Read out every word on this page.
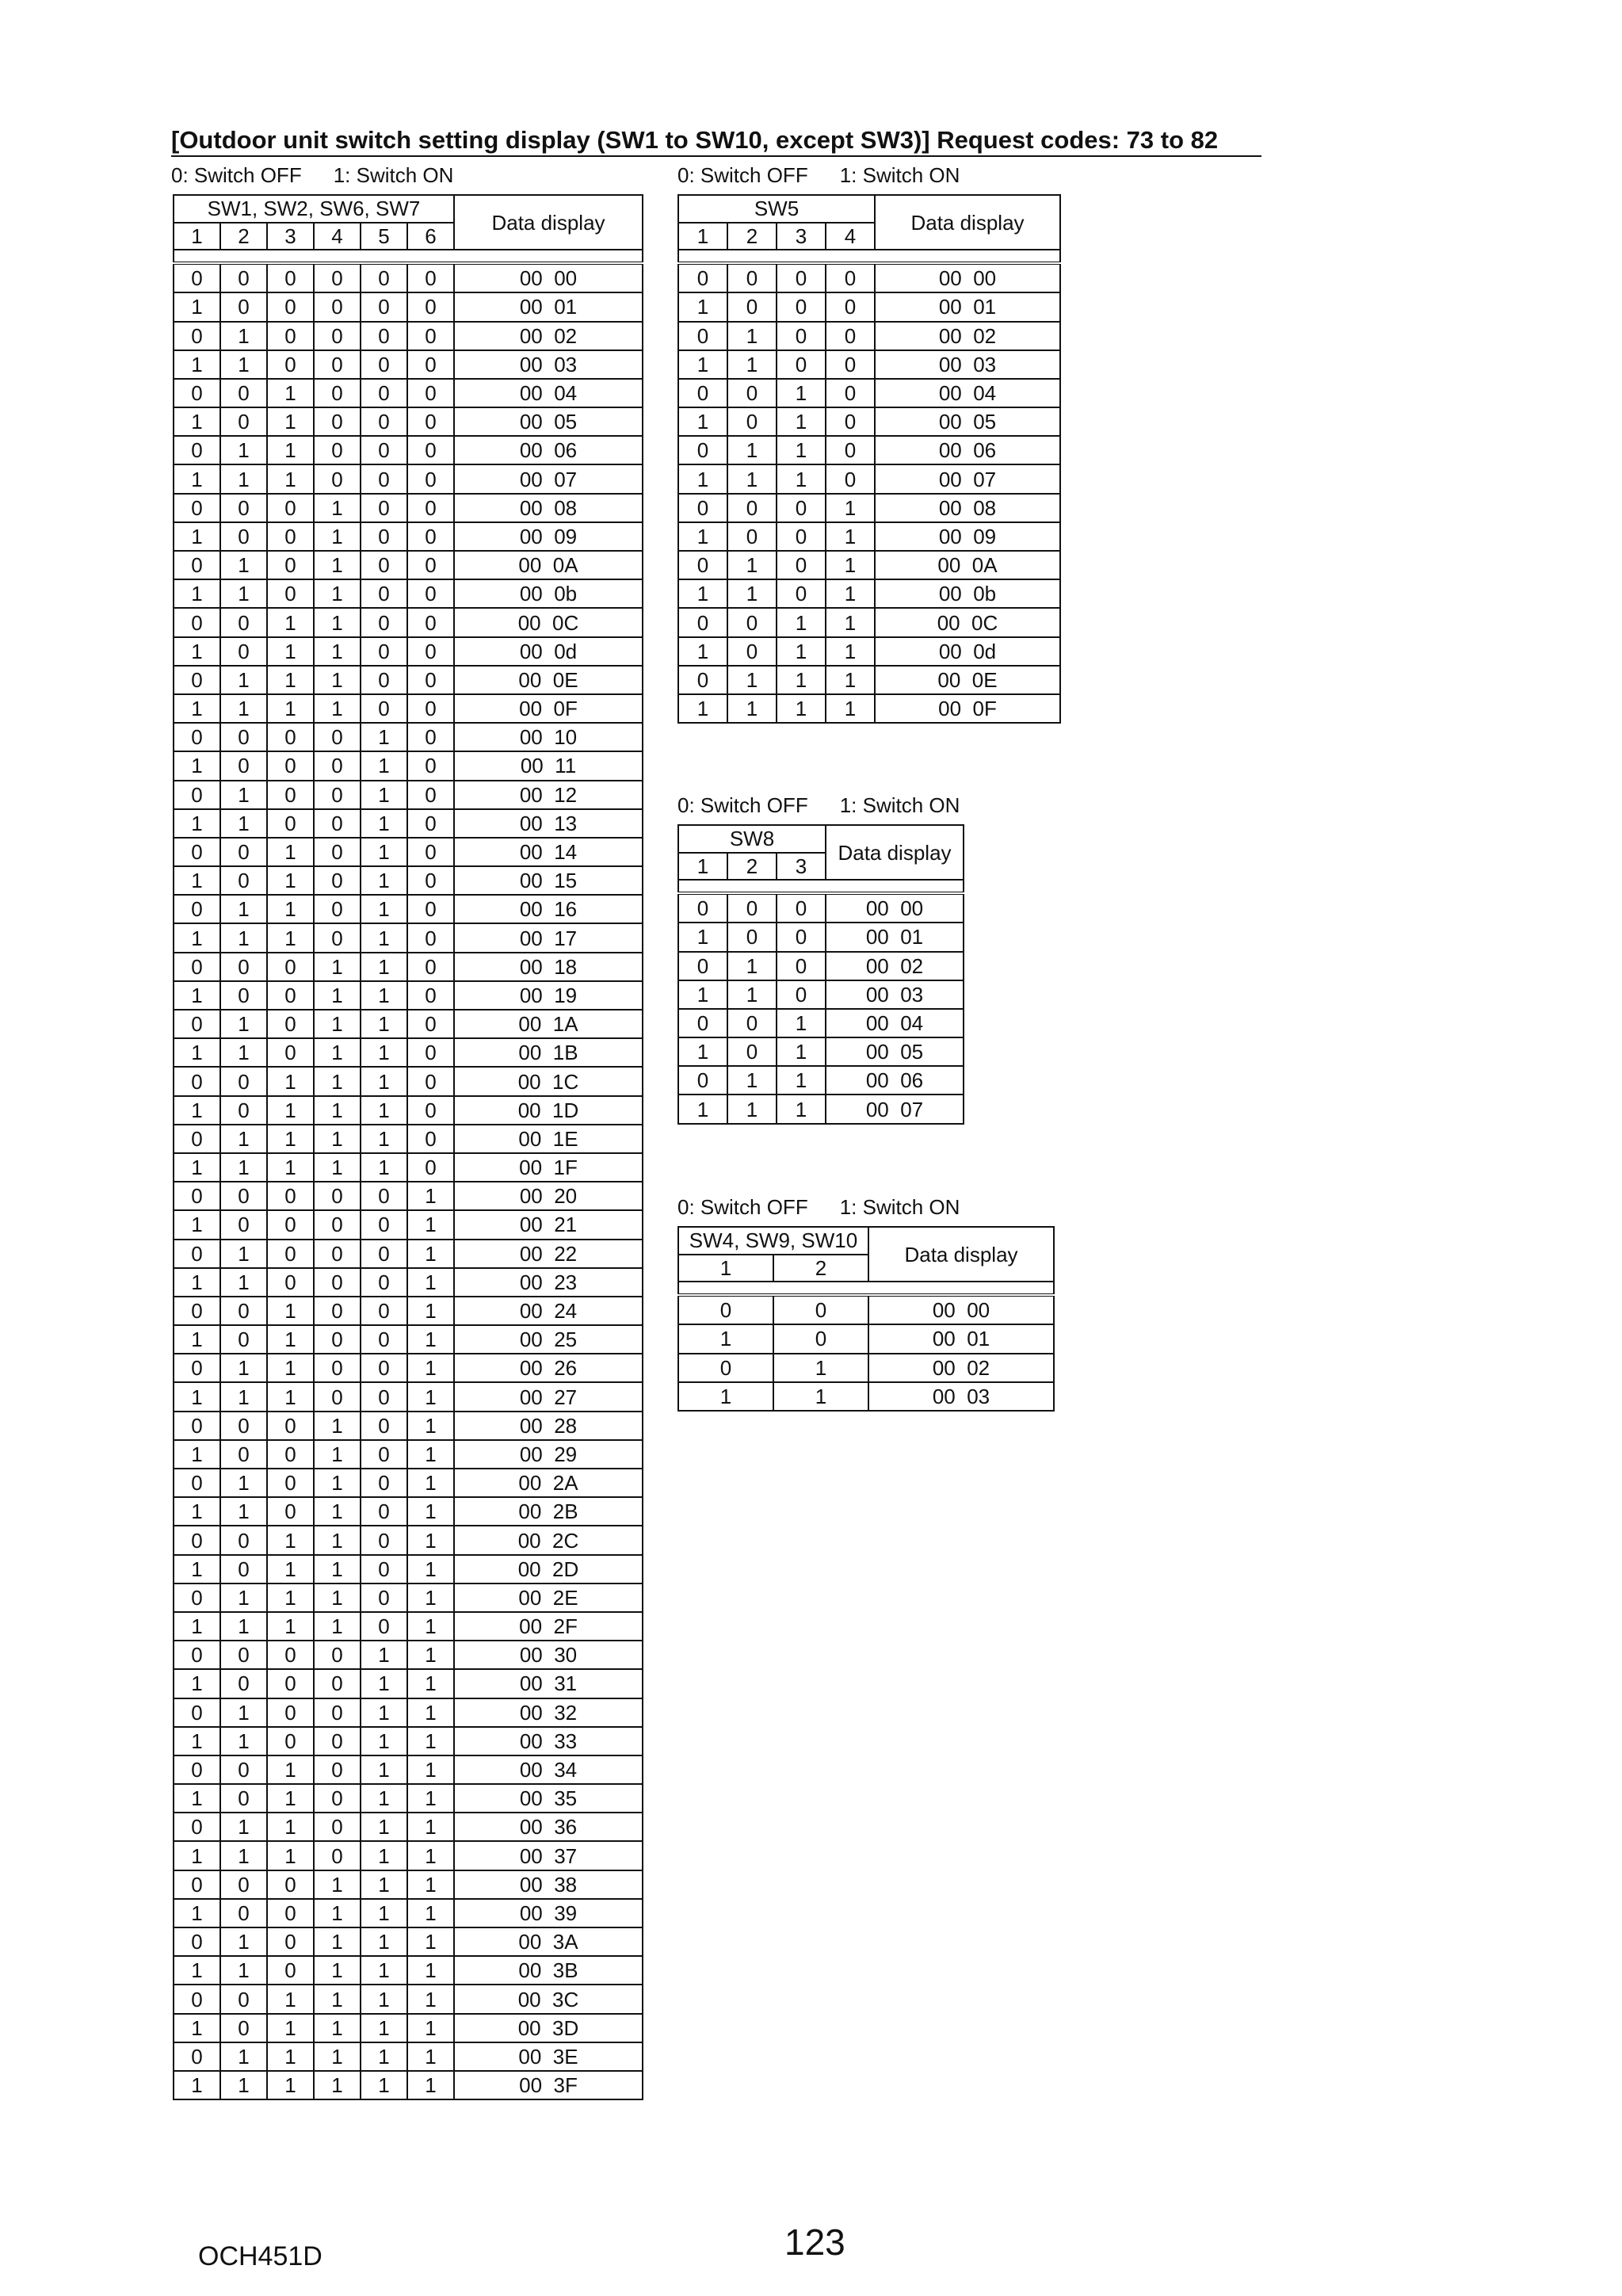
[Outdoor unit switch setting display (SW1 to SW10, except SW3)] Request codes: 73 to 82
0: Switch OFF 1: Switch ON	0: Switch OFF 1: Switch ON
0: Switch OFF 1: Switch ON
0: Switch OFF 1: Switch ON
SW1, SW2, SW6, SW7						Data display
1	2	3	4	5	6	

0	0	0	0	0	0	00  00
1	0	0	0	0	0	00  01
0	1	0	0	0	0	00  02
1	1	0	0	0	0	00  03
0	0	1	0	0	0	00  04
1	0	1	0	0	0	00  05
0	1	1	0	0	0	00  06
1	1	1	0	0	0	00  07
0	0	0	1	0	0	00  08
1	0	0	1	0	0	00  09
0	1	0	1	0	0	00  0A
1	1	0	1	0	0	00  0b
0	0	1	1	0	0	00  0C
1	0	1	1	0	0	00  0d
0	1	1	1	0	0	00  0E
1	1	1	1	0	0	00  0F
0	0	0	0	1	0	00  10
1	0	0	0	1	0	00  11
0	1	0	0	1	0	00  12
1	1	0	0	1	0	00  13
0	0	1	0	1	0	00  14
1	0	1	0	1	0	00  15
0	1	1	0	1	0	00  16
1	1	1	0	1	0	00  17
0	0	0	1	1	0	00  18
1	0	0	1	1	0	00  19
0	1	0	1	1	0	00  1A
1	1	0	1	1	0	00  1B
0	0	1	1	1	0	00  1C
1	0	1	1	1	0	00  1D
0	1	1	1	1	0	00  1E
1	1	1	1	1	0	00  1F
0	0	0	0	0	1	00  20
1	0	0	0	0	1	00  21
0	1	0	0	0	1	00  22
1	1	0	0	0	1	00  23
0	0	1	0	0	1	00  24
1	0	1	0	0	1	00  25
0	1	1	0	0	1	00  26
1	1	1	0	0	1	00  27
0	0	0	1	0	1	00  28
1	0	0	1	0	1	00  29
0	1	0	1	0	1	00  2A
1	1	0	1	0	1	00  2B
0	0	1	1	0	1	00  2C
1	0	1	1	0	1	00  2D
0	1	1	1	0	1	00  2E
1	1	1	1	0	1	00  2F
0	0	0	0	1	1	00  30
1	0	0	0	1	1	00  31
0	1	0	0	1	1	00  32
1	1	0	0	1	1	00  33
0	0	1	0	1	1	00  34
1	0	1	0	1	1	00  35
0	1	1	0	1	1	00  36
1	1	1	0	1	1	00  37
0	0	0	1	1	1	00  38
1	0	0	1	1	1	00  39
0	1	0	1	1	1	00  3A
1	1	0	1	1	1	00  3B
0	0	1	1	1	1	00  3C
1	0	1	1	1	1	00  3D
0	1	1	1	1	1	00  3E
1	1	1	1	1	1	00  3F
SW5				Data display
1	2	3	4	

0	0	0	0	00  00
1	0	0	0	00  01
0	1	0	0	00  02
1	1	0	0	00  03
0	0	1	0	00  04
1	0	1	0	00  05
0	1	1	0	00  06
1	1	1	0	00  07
0	0	0	1	00  08
1	0	0	1	00  09
0	1	0	1	00  0A
1	1	0	1	00  0b
0	0	1	1	00  0C
1	0	1	1	00  0d
0	1	1	1	00  0E
1	1	1	1	00  0F
SW8			Data display
1	2	3	

0	0	0	00  00
1	0	0	00  01
0	1	0	00  02
1	1	0	00  03
0	0	1	00  04
1	0	1	00  05
0	1	1	00  06
1	1	1	00  07
SW4, SW9, SW10		Data display
1	2	

0	0	00  00
1	0	00  01
0	1	00  02
1	1	00  03
OCH451D	123
